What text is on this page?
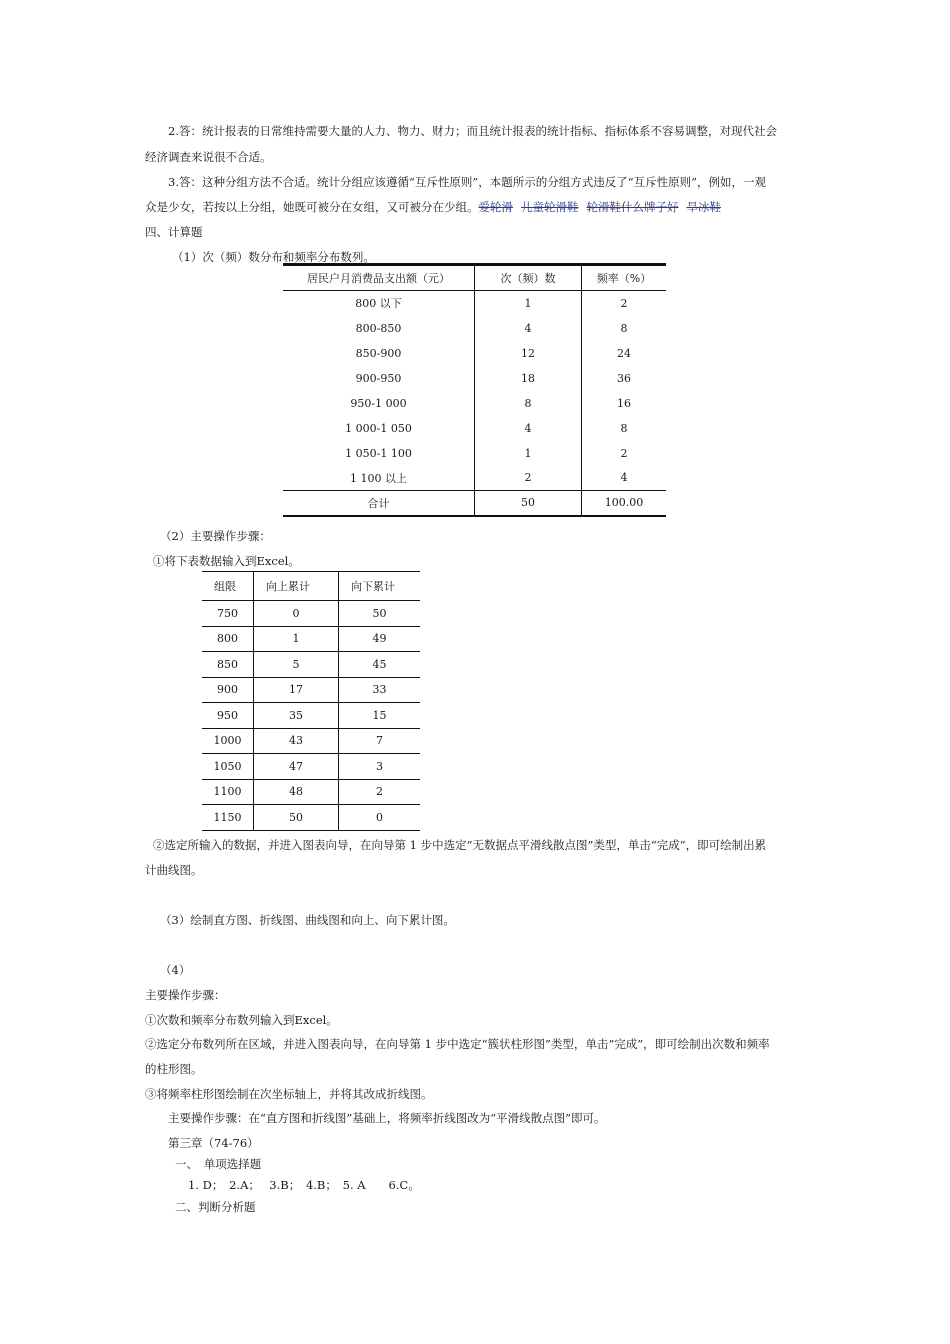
2.答：统计报表的日常维持需要大量的人力、物力、财力；而且统计报表的统计指标、指标体系不容易调整，对现代社会
经济调查来说很不合适。
3.答：这种分组方法不合适。统计分组应该遵循“互斥性原则”，本题所示的分组方式违反了“互斥性原则”，例如，一观
众是少女，若按以上分组，她既可被分在女组，又可被分在少组。爱轮滑 儿童轮滑鞋 轮滑鞋什么牌子好 旱冰鞋
四、计算题
（1）次（频）数分布和频率分布数列。
居民户月消费品支出额（元）	次（频）数	频率（%）
800 以下	1	2
800-850	4	8
850-900	12	24
900-950	18	36
950-1 000	8	16
1 000-1 050	4	8
1 050-1 100	1	2
1 100 以上	2	4
合计	50	100.00
（2）主要操作步骤：
①将下表数据输入到Excel。
组限	向上累计	向下累计
750	0	50
800	1	49
850	5	45
900	17	33
950	35	15
1000	43	7
1050	47	3
1100	48	2
1150	50	0
②选定所输入的数据，并进入图表向导，在向导第 1 步中选定“无数据点平滑线散点图”类型，单击“完成”，即可绘制出累
计曲线图。
（3）绘制直方图、折线图、曲线图和向上、向下累计图。
（4）
主要操作步骤：
①次数和频率分布数列输入到Excel。
②选定分布数列所在区域，并进入图表向导，在向导第 1 步中选定“簇状柱形图”类型，单击“完成”，即可绘制出次数和频率
的柱形图。
③将频率柱形图绘制在次坐标轴上，并将其改成折线图。
主要操作步骤：在“直方图和折线图”基础上，将频率折线图改为“平滑线散点图”即可。
第三章（74-76）
一、　单项选择题
1. D；　2.A；　 3.B；　4.B；　5. A　　6.C。
二、判断分析题
